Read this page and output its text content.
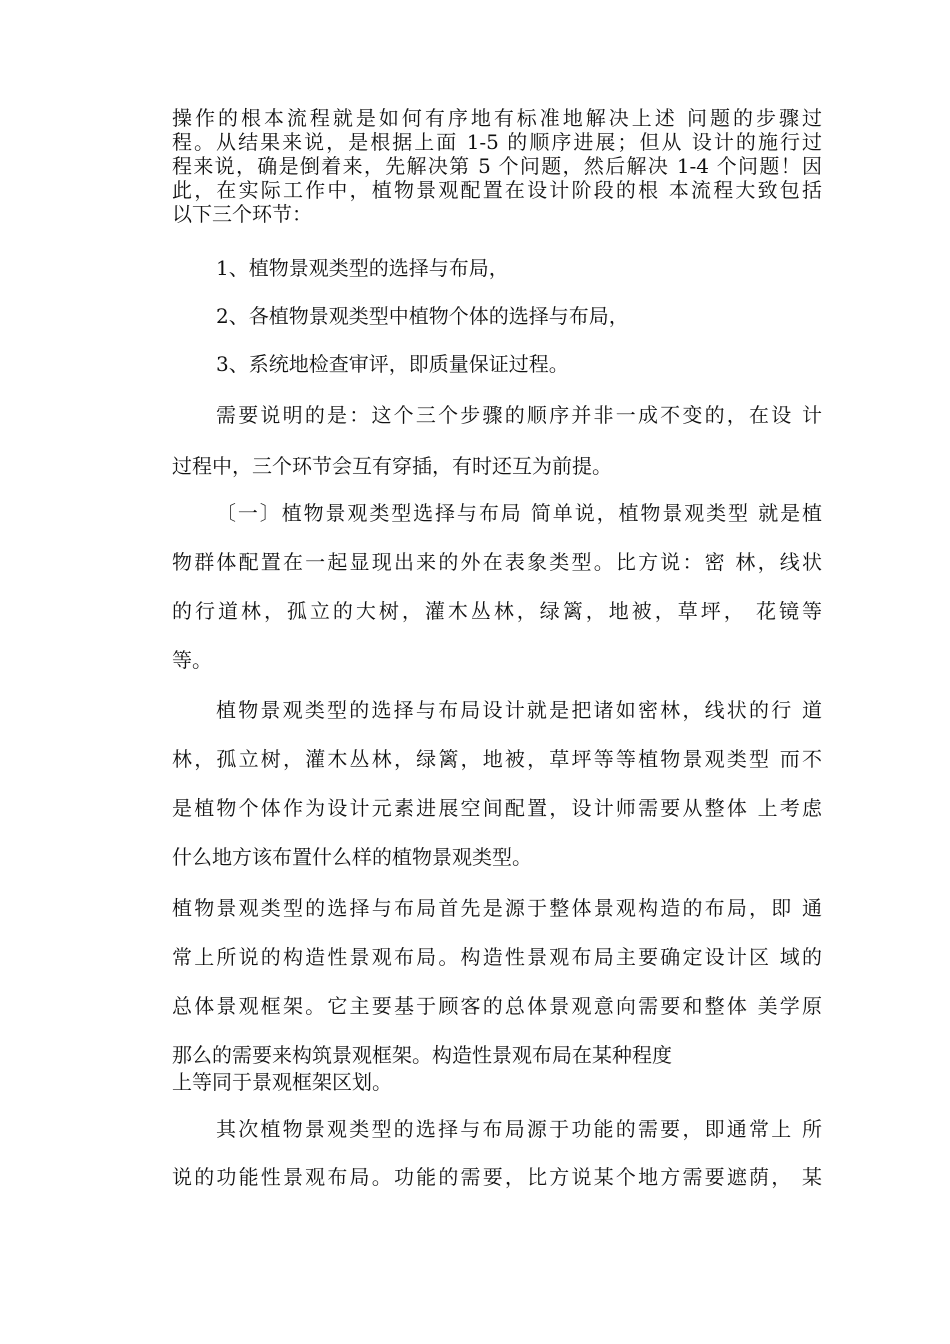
操作的根本流程就是如何有序地有标准地解决上述 问题的步骤过
程。从结果来说，是根据上面 1-5 的顺序进展；但从 设计的施行过
程来说，确是倒着来，先解决第 5 个问题，然后解决 1-4 个问题！因
此，在实际工作中，植物景观配置在设计阶段的根 本流程大致包括
以下三个环节：
1、植物景观类型的选择与布局，
2、各植物景观类型中植物个体的选择与布局，
3、系统地检查审评，即质量保证过程。
需要说明的是：这个三个步骤的顺序并非一成不变的，在设 计
过程中，三个环节会互有穿插，有时还互为前提。
〔一〕植物景观类型选择与布局 简单说，植物景观类型 就是植
物群体配置在一起显现出来的外在表象类型。比方说：密 林，线状
的行道林，孤立的大树，灌木丛林，绿篱，地被，草坪， 花镜等
等。
植物景观类型的选择与布局设计就是把诸如密林，线状的行 道
林，孤立树，灌木丛林，绿篱，地被，草坪等等植物景观类型 而不
是植物个体作为设计元素进展空间配置，设计师需要从整体 上考虑
什么地方该布置什么样的植物景观类型。
植物景观类型的选择与布局首先是源于整体景观构造的布局，即 通
常上所说的构造性景观布局。构造性景观布局主要确定设计区 域的
总体景观框架。它主要基于顾客的总体景观意向需要和整体 美学原
那么的需要来构筑景观框架。构造性景观布局在某种程度
上等同于景观框架区划。
其次植物景观类型的选择与布局源于功能的需要，即通常上 所
说的功能性景观布局。功能的需要，比方说某个地方需要遮荫， 某
